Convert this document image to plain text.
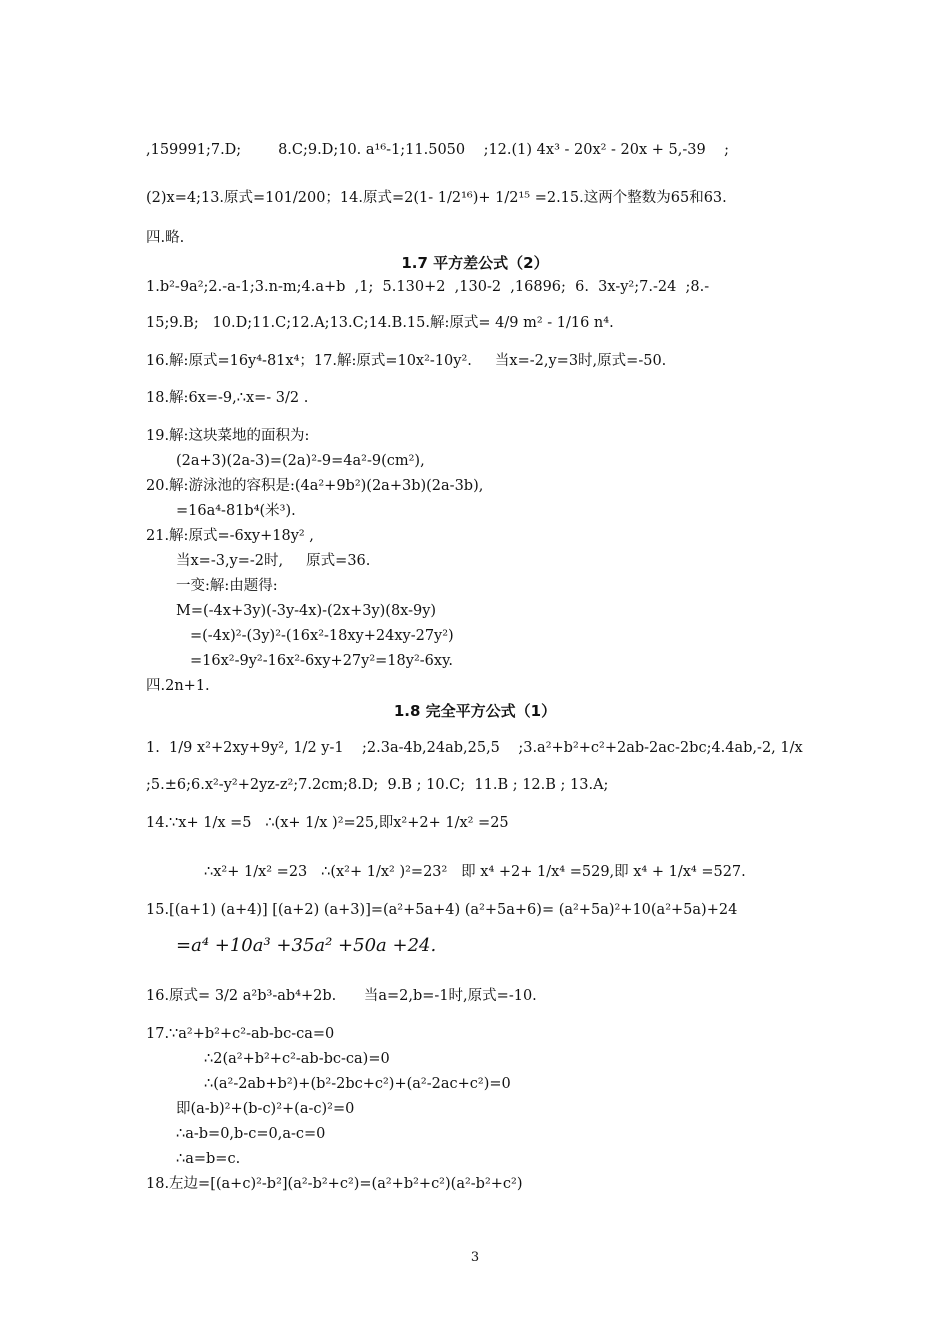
,159991;7.D;        8.C;9.D;10. a¹⁶-1;11.5050    ;12.(1) 4x³ - 20x² - 20x + 5,-39    ;
(2)x=4;13.原式=101/200；14.原式=2(1- 1/2¹⁶)+ 1/2¹⁵ =2.15.这两个整数为65和63.
四.略.
1.7 平方差公式（2）
1.b²-9a²;2.-a-1;3.n-m;4.a+b  ,1;  5.130+2  ,130-2  ,16896;  6.  3x-y²;7.-24  ;8.-
15;9.B;   10.D;11.C;12.A;13.C;14.B.15.解:原式= 4/9 m² - 1/16 n⁴.
16.解:原式=16y⁴-81x⁴；17.解:原式=10x²-10y².     当x=-2,y=3时,原式=-50.
18.解:6x=-9,∴x=- 3/2 .
19.解:这块菜地的面积为:
(2a+3)(2a-3)=(2a)²-9=4a²-9(cm²),
20.解:游泳池的容积是:(4a²+9b²)(2a+3b)(2a-3b),
=16a⁴-81b⁴(米³).
21.解:原式=-6xy+18y² ,
当x=-3,y=-2时,     原式=36.
一变:解:由题得:
M=(-4x+3y)(-3y-4x)-(2x+3y)(8x-9y)
=(-4x)²-(3y)²-(16x²-18xy+24xy-27y²)
=16x²-9y²-16x²-6xy+27y²=18y²-6xy.
四.2n+1.
1.8 完全平方公式（1）
1.  1/9 x²+2xy+9y², 1/2 y-1    ;2.3a-4b,24ab,25,5    ;3.a²+b²+c²+2ab-2ac-2bc;4.4ab,-2, 1/x
;5.±6;6.x²-y²+2yz-z²;7.2cm;8.D;  9.B ; 10.C;  11.B ; 12.B ; 13.A;
14.∵x+ 1/x =5   ∴(x+ 1/x )²=25,即x²+2+ 1/x² =25
∴x²+ 1/x² =23   ∴(x²+ 1/x² )²=23²   即 x⁴ +2+ 1/x⁴ =529,即 x⁴ + 1/x⁴ =527.
15.[(a+1) (a+4)] [(a+2) (a+3)]=(a²+5a+4) (a²+5a+6)= (a²+5a)²+10(a²+5a)+24
=a⁴ +10a³ +35a² +50a +24.
16.原式= 3/2 a²b³-ab⁴+2b.      当a=2,b=-1时,原式=-10.
17.∵a²+b²+c²-ab-bc-ca=0
∴2(a²+b²+c²-ab-bc-ca)=0
∴(a²-2ab+b²)+(b²-2bc+c²)+(a²-2ac+c²)=0
即(a-b)²+(b-c)²+(a-c)²=0
∴a-b=0,b-c=0,a-c=0
∴a=b=c.
18.左边=[(a+c)²-b²](a²-b²+c²)=(a²+b²+c²)(a²-b²+c²)
3
